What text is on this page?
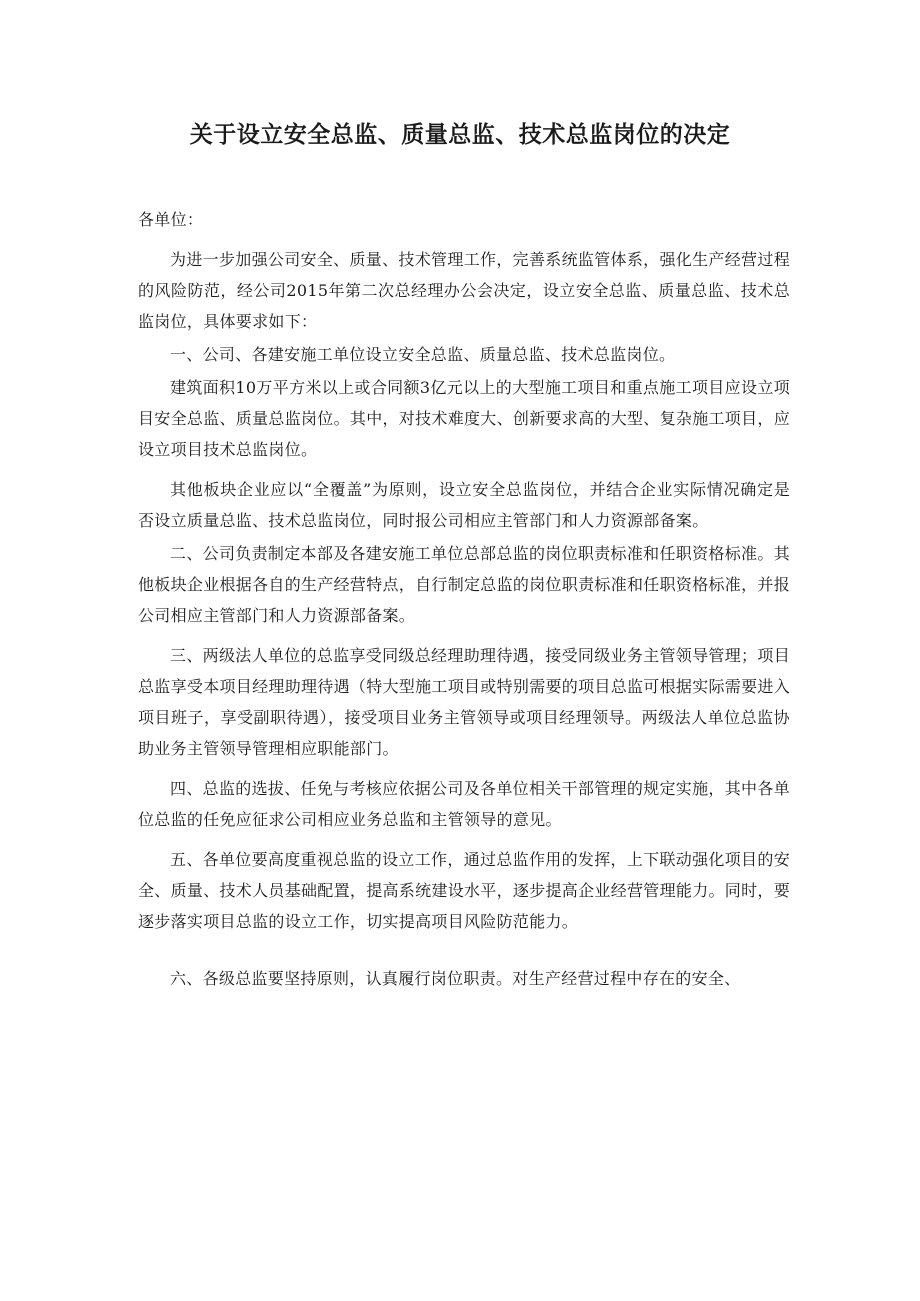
关于设立安全总监、质量总监、技术总监岗位的决定

各单位：

为进一步加强公司安全、质量、技术管理工作，完善系统监管体系，强化生产经营过程的风险防范，经公司2015年第二次总经理办公会决定，设立安全总监、质量总监、技术总监岗位，具体要求如下：

一、公司、各建安施工单位设立安全总监、质量总监、技术总监岗位。

建筑面积10万平方米以上或合同额3亿元以上的大型施工项目和重点施工项目应设立项目安全总监、质量总监岗位。其中，对技术难度大、创新要求高的大型、复杂施工项目，应设立项目技术总监岗位。

其他板块企业应以“全覆盖”为原则，设立安全总监岗位，并结合企业实际情况确定是否设立质量总监、技术总监岗位，同时报公司相应主管部门和人力资源部备案。

二、公司负责制定本部及各建安施工单位总部总监的岗位职责标准和任职资格标准。其他板块企业根据各自的生产经营特点，自行制定总监的岗位职责标准和任职资格标准，并报公司相应主管部门和人力资源部备案。

三、两级法人单位的总监享受同级总经理助理待遇，接受同级业务主管领导管理；项目总监享受本项目经理助理待遇（特大型施工项目或特别需要的项目总监可根据实际需要进入项目班子，享受副职待遇），接受项目业务主管领导或项目经理领导。两级法人单位总监协助业务主管领导管理相应职能部门。

四、总监的选拔、任免与考核应依据公司及各单位相关干部管理的规定实施，其中各单位总监的任免应征求公司相应业务总监和主管领导的意见。

五、各单位要高度重视总监的设立工作，通过总监作用的发挥，上下联动强化项目的安全、质量、技术人员基础配置，提高系统建设水平，逐步提高企业经营管理能力。同时，要逐步落实项目总监的设立工作，切实提高项目风险防范能力。

六、各级总监要坚持原则，认真履行岗位职责。对生产经营过程中存在的安全、
